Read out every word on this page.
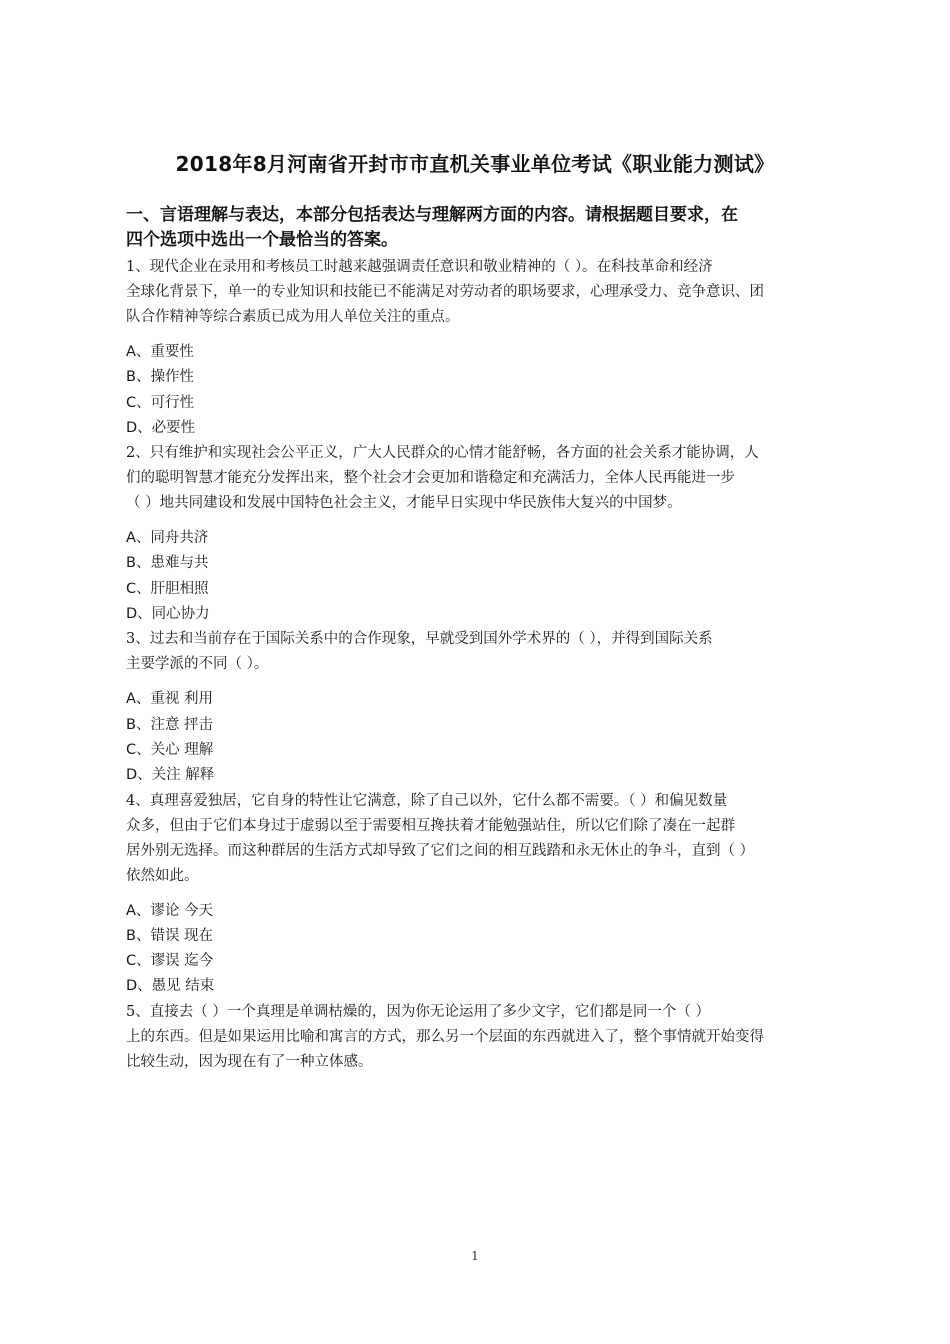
2018年8月河南省开封市市直机关事业单位考试《职业能力测试》
一、言语理解与表达，本部分包括表达与理解两方面的内容。请根据题目要求，在
四个选项中选出一个最恰当的答案。
1、现代企业在录用和考核员工时越来越强调责任意识和敬业精神的（ ）。在科技革命和经济
全球化背景下，单一的专业知识和技能已不能满足对劳动者的职场要求，心理承受力、竞争意识、团
队合作精神等综合素质已成为用人单位关注的重点。
A、重要性
B、操作性
C、可行性
D、必要性
2、只有维护和实现社会公平正义，广大人民群众的心情才能舒畅，各方面的社会关系才能协调，人
们的聪明智慧才能充分发挥出来，整个社会才会更加和谐稳定和充满活力，全体人民再能进一步
（ ）地共同建设和发展中国特色社会主义，才能早日实现中华民族伟大复兴的中国梦。
A、同舟共济
B、患难与共
C、肝胆相照
D、同心协力
3、过去和当前存在于国际关系中的合作现象，早就受到国外学术界的（ ），并得到国际关系
主要学派的不同（ ）。
A、重视 利用
B、注意 抨击
C、关心 理解
D、关注 解释
4、真理喜爱独居，它自身的特性让它满意，除了自己以外，它什么都不需要。（ ）和偏见数量
众多，但由于它们本身过于虚弱以至于需要相互搀扶着才能勉强站住，所以它们除了凑在一起群
居外别无选择。而这种群居的生活方式却导致了它们之间的相互践踏和永无休止的争斗，直到（ ）
依然如此。
A、谬论 今天
B、错误 现在
C、谬误 迄今
D、愚见 结束
5、直接去（ ）一个真理是单调枯燥的，因为你无论运用了多少文字，它们都是同一个（ ）
上的东西。但是如果运用比喻和寓言的方式，那么另一个层面的东西就进入了，整个事情就开始变得
比较生动，因为现在有了一种立体感。
1
